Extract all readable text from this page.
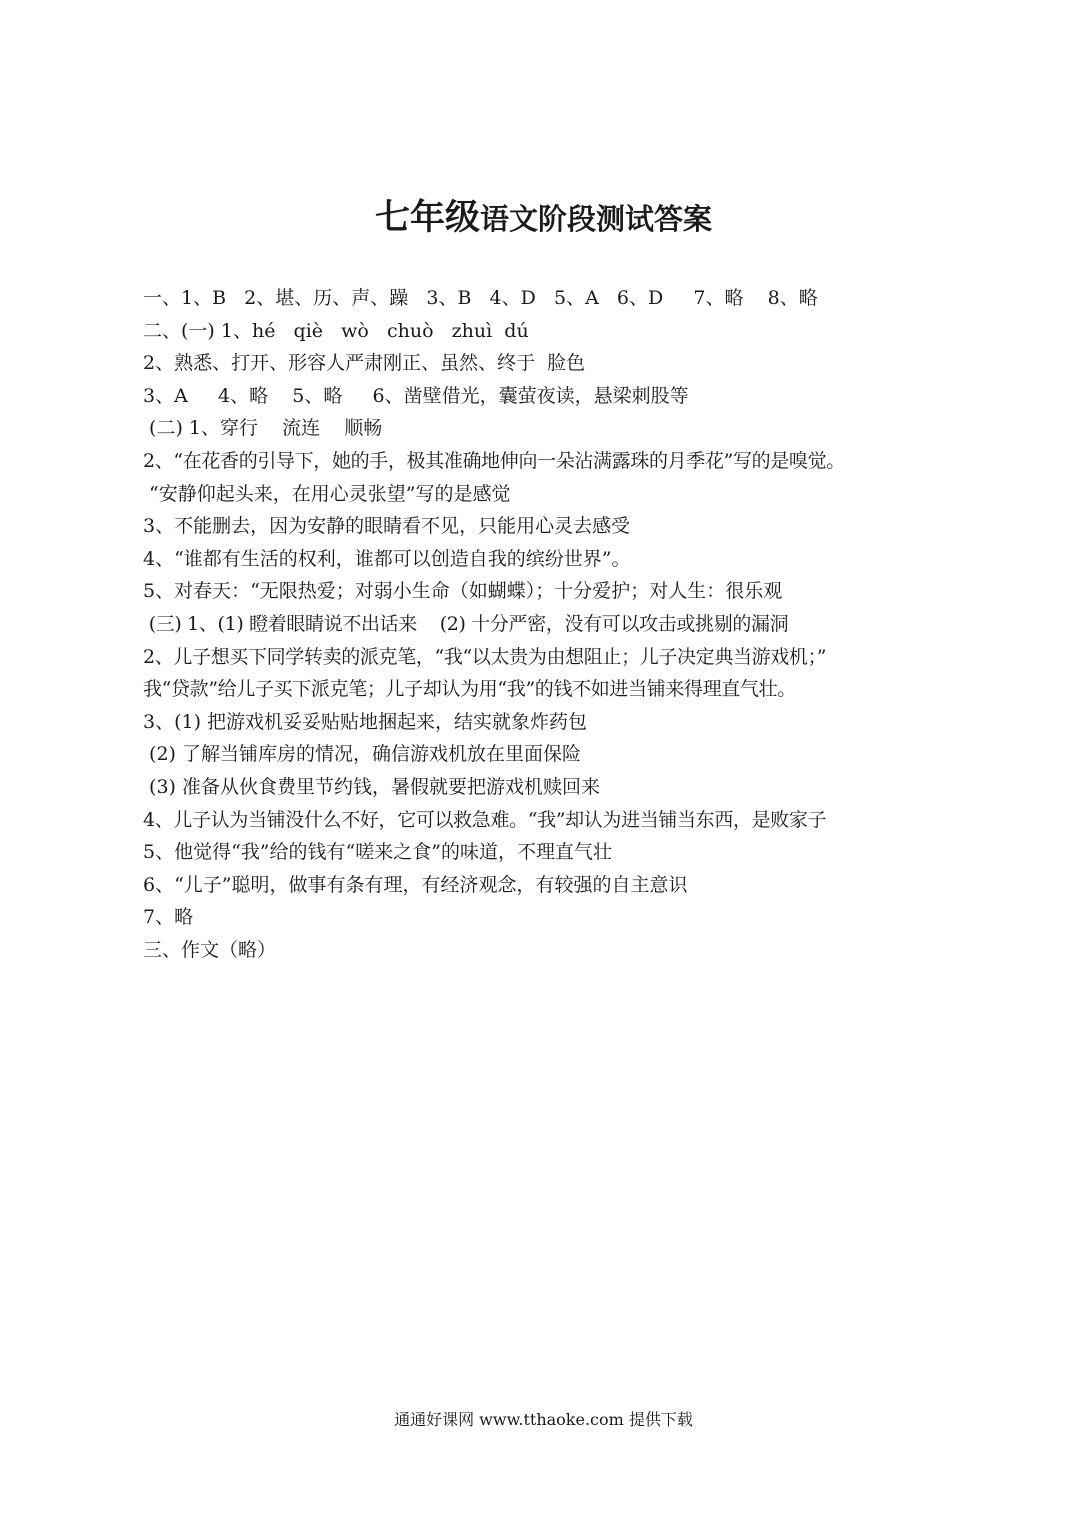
七年级语文阶段测试答案
一、1、B   2、堪、历、声、躁   3、B   4、D   5、A   6、D     7、略    8、略
二、(一) 1、hé   qiè   wò   chuò   zhuì  dú
2、熟悉、打开、形容人严肃刚正、虽然、终于  脸色
3、A     4、略    5、略     6、凿壁借光，囊萤夜读，悬梁刺股等
(二) 1、穿行    流连    顺畅
2、“在花香的引导下，她的手，极其准确地伸向一朵沾满露珠的月季花”写的是嗅觉。
“安静仰起头来，在用心灵张望”写的是感觉
3、不能删去，因为安静的眼睛看不见，只能用心灵去感受
4、“谁都有生活的权利，谁都可以创造自我的缤纷世界”。
5、对春天：“无限热爱；对弱小生命（如蝴蝶）；十分爱护；对人生：很乐观
(三) 1、(1) 瞪着眼睛说不出话来    (2) 十分严密，没有可以攻击或挑剔的漏洞
2、儿子想买下同学转卖的派克笔，“我“以太贵为由想阻止；儿子决定典当游戏机；”
我“贷款”给儿子买下派克笔；儿子却认为用“我”的钱不如进当铺来得理直气壮。
3、(1) 把游戏机妥妥贴贴地捆起来，结实就象炸药包
(2) 了解当铺库房的情况，确信游戏机放在里面保险
(3) 准备从伙食费里节约钱，暑假就要把游戏机赎回来
4、儿子认为当铺没什么不好，它可以救急难。“我”却认为进当铺当东西，是败家子
5、他觉得“我”给的钱有“嗟来之食”的味道，不理直气壮
6、“儿子”聪明，做事有条有理，有经济观念，有较强的自主意识
7、略
三、作文（略）
通通好课网 www.tthaoke.com 提供下载
